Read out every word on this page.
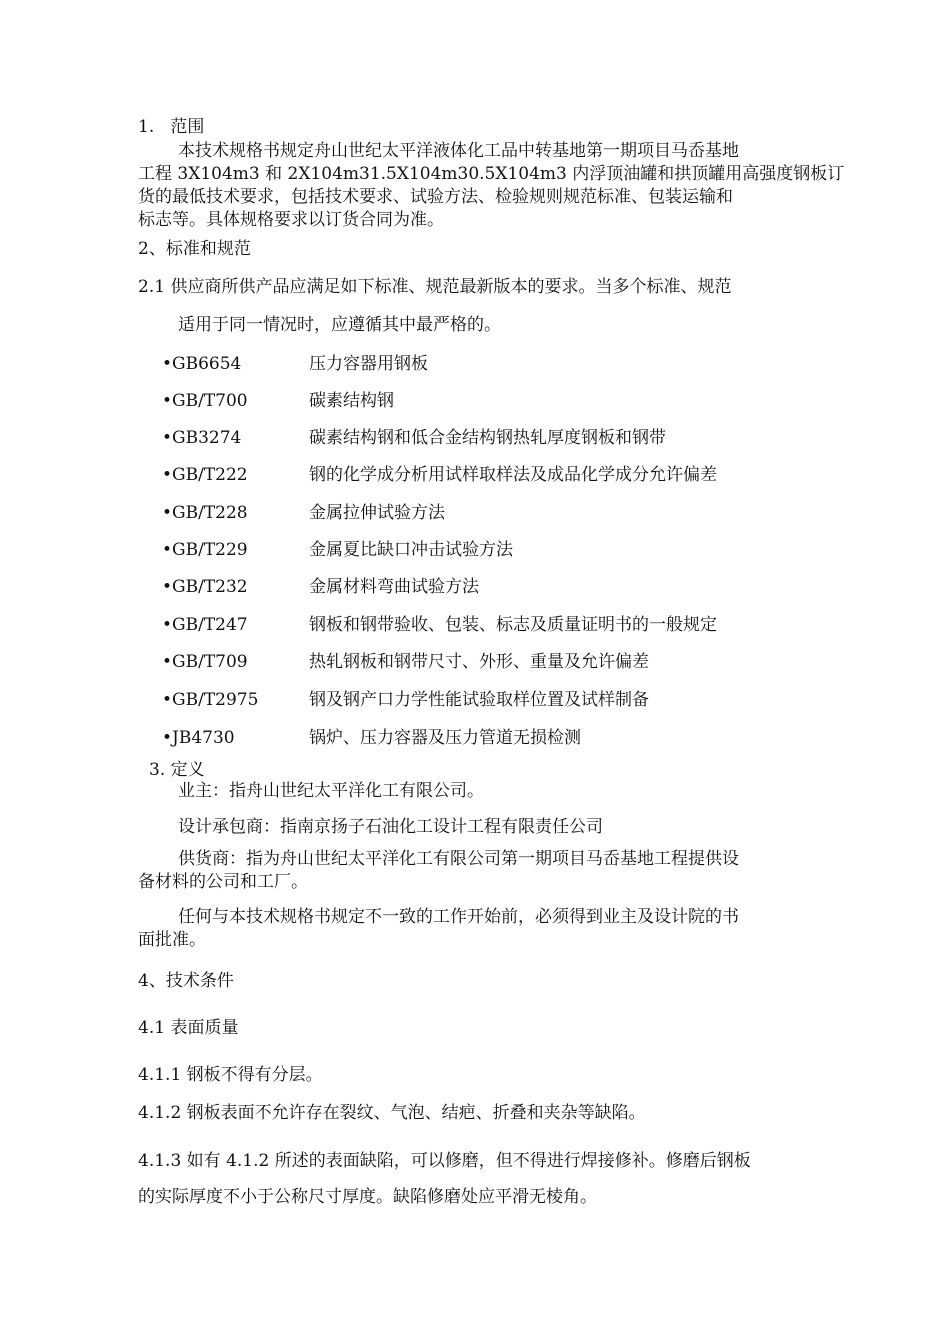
1.   范围
本技术规格书规定舟山世纪太平洋液体化工品中转基地第一期项目马岙基地
工程 3X104m3 和 2X104m31.5X104m30.5X104m3 内浮顶油罐和拱顶罐用高强度钢板订
货的最低技术要求，包括技术要求、试验方法、检验规则规范标准、包装运输和
标志等。具体规格要求以订货合同为准。
2、标准和规范
2.1 供应商所供产品应满足如下标准、规范最新版本的要求。当多个标准、规范
适用于同一情况时，应遵循其中最严格的。
•GB6654	压力容器用钢板
•GB/T700	碳素结构钢
•GB3274	碳素结构钢和低合金结构钢热轧厚度钢板和钢带
•GB/T222	钢的化学成分析用试样取样法及成品化学成分允许偏差
•GB/T228	金属拉伸试验方法
•GB/T229	金属夏比缺口冲击试验方法
•GB/T232	金属材料弯曲试验方法
•GB/T247	钢板和钢带验收、包装、标志及质量证明书的一般规定
•GB/T709	热轧钢板和钢带尺寸、外形、重量及允许偏差
•GB/T2975	钢及钢产口力学性能试验取样位置及试样制备
•JB4730	锅炉、压力容器及压力管道无损检测
3. 定义
业主：指舟山世纪太平洋化工有限公司。
设计承包商：指南京扬子石油化工设计工程有限责任公司
供货商：指为舟山世纪太平洋化工有限公司第一期项目马岙基地工程提供设
备材料的公司和工厂。
任何与本技术规格书规定不一致的工作开始前，必须得到业主及设计院的书
面批准。
4、技术条件
4.1 表面质量
4.1.1 钢板不得有分层。
4.1.2 钢板表面不允许存在裂纹、气泡、结疤、折叠和夹杂等缺陷。
4.1.3 如有 4.1.2 所述的表面缺陷，可以修磨，但不得进行焊接修补。修磨后钢板
的实际厚度不小于公称尺寸厚度。缺陷修磨处应平滑无棱角。
